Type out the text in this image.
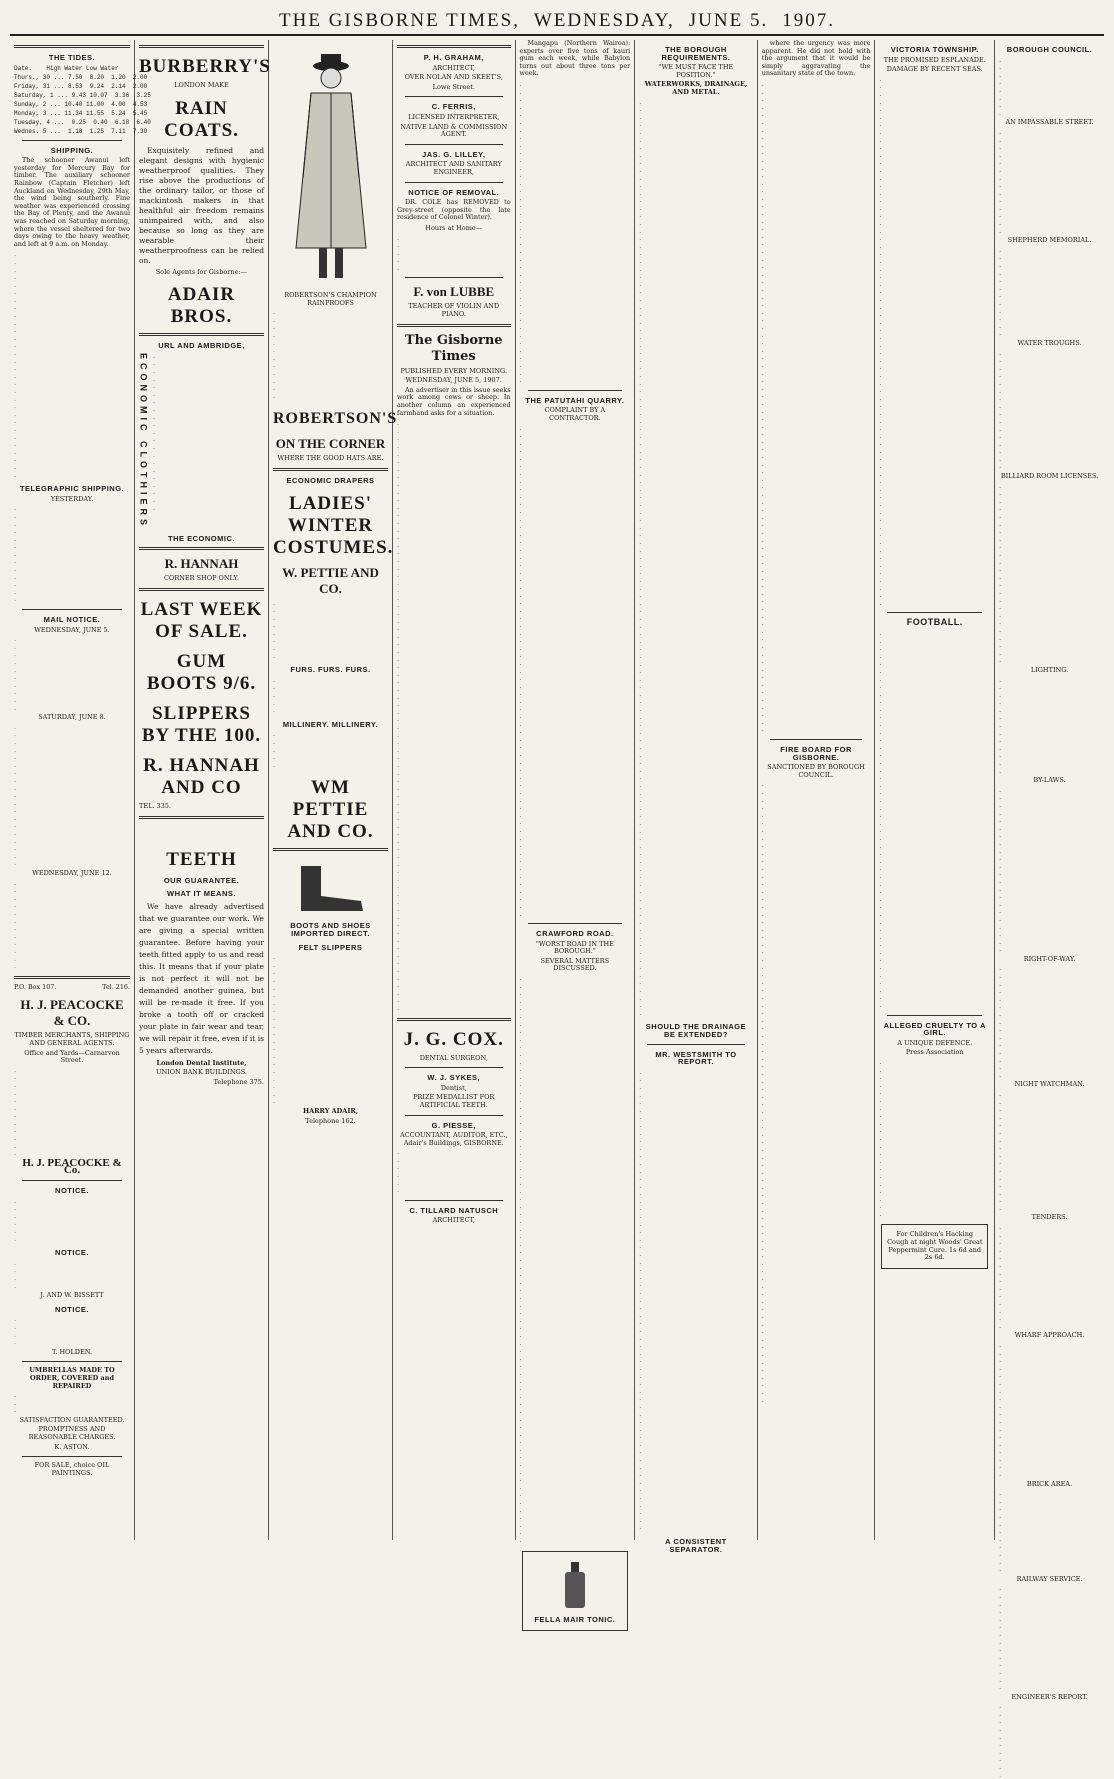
THE GISBORNE TIMES, WEDNESDAY, JUNE 5. 1907.
THE TIDES.
Date.    High Water Low Water
Thurs., 30 ... 7.50  8.20  1.20  2.00
Friday, 31 ... 8.53  9.24  2.14  2.00
Saturday, 1 ... 9.43 10.07  3.36  3.25
Sunday, 2 ... 10.40 11.00  4.00  4.53
Monday, 3 ... 11.34 11.55  5.24  5.45
Tuesday, 4 ...  0.25  0.40  6.18  6.40
Wednes. 5 ...  1.18  1.25  7.11  7.30
SHIPPING.

The schooner Awanui left yesterday for Mercury Bay for timber. The auxiliary schooner Rainbow (Captain Fletcher) left Auckland on Wednesday, 29th May, the wind being southerly. Fine weather was experienced crossing the Bay of Plenty, and the Awanui was reached on Saturday morning, where the vessel sheltered for two days owing to the heavy weather, and left at 9 a.m. on Monday.

.
.
.
.
.
.
.
.
.
.
.
.
.
.
.
.
.
.
.
.
.
.
.
.
.
.
.
.
.
.
TELEGRAPHIC SHIPPING.
YESTERDAY.
.
.
.
.
.
.
.
.
.
.
.
.
.
MAIL NOTICE.
WEDNESDAY, JUNE 5.
.
.
.
.
.
.
.
.
.
.
SATURDAY, JUNE 8.
.
.
.
.
.
.
.
.
.
.
.
.
.
.
.
.
.
.
.
WEDNESDAY, JUNE 12.
.
.
.
.
.
.
.
.
.
.
.
.
P.O. Box 107.	Tel. 216.
H. J. PEACOCKE & CO.
TIMBER MERCHANTS, SHIPPING AND GENERAL AGENTS.
Office and Yards—Carnarvon Street.
.
.
.
.
.
.
.
.
.
.
.
.
H. J. PEACOCKE & Co.
NOTICE.
.
.
.
.
.
.
NOTICE.
.
.
.
.
J. AND W. BISSETT
NOTICE.
.
.
.
.
T. HOLDEN.
UMBRELLAS MADE TO ORDER, COVERED and REPAIRED
.
.
.
SATISFACTION GUARANTEED.
PROMPTNESS AND REASONABLE CHARGES.
K. ASTON.
FOR SALE, choice OIL PAINTINGS.
BURBERRY'S
LONDON MAKE
RAIN COATS.

Exquisitely refined and elegant designs with hygienic weatherproof qualities. They rise above the productions of the ordinary tailor, or those of mackintosh makers in that healthful air freedom remains unimpaired with, and also because so long as they are wearable their weatherproofness can be relied on.

Sole Agents for Gisborne:—
ADAIR BROS.
URL AND AMBRIDGE,
ECONOMIC CLOTHIERS .
.
.
.
.
.
.
.
.
.
.
.
.
.
.
.
.
.
.
.
.
THE ECONOMIC.
R. HANNAH
CORNER SHOP ONLY.
LAST WEEK OF SALE.
GUM BOOTS 9/6.
SLIPPERS BY THE 100.
R. HANNAH AND CO
TEL. 335.
TEETH
OUR GUARANTEE.
WHAT IT MEANS.

We have already advertised that we guarantee our work. We are giving a special written guarantee. Before having your teeth fitted apply to us and read this. It means that if your plate is not perfect it will not be demanded another guinea, but will be re-made it free. If you broke a tooth off or cracked your plate in fair wear and tear, we will repair it free, even if it is 5 years afterwards.

London Dental Institute,
UNION BANK BUILDINGS.
Telephone 375.
ROBERTSON'S CHAMPION RAINPROOFS
.
.
.
.
.
.
.
.
.
.
.
.
ROBERTSON'S
ON THE CORNER
WHERE THE GOOD HATS ARE.
ECONOMIC DRAPERS
LADIES' WINTER COSTUMES.
W. PETTIE AND CO.
.
.
.
.
.
.
.
.
FURS. FURS. FURS.
.
.
.
.
.
MILLINERY. MILLINERY.
.
.
.
.
.
WM PETTIE AND CO.
BOOTS AND SHOES IMPORTED DIRECT.
FELT SLIPPERS
.
.
.
.
.
.
.
.
.
.
.
.
.
.
.
.
.
.
.
.
HARRY ADAIR,
Telephone 162.
P. H. GRAHAM,
ARCHITECT,
OVER NOLAN AND SKEET'S,
Lowe Street.
C. FERRIS,
LICENSED INTERPRETER,
NATIVE LAND & COMMISSION AGENT.
JAS. G. LILLEY,
ARCHITECT AND SANITARY ENGINEER,
NOTICE OF REMOVAL.

DR. COLE has REMOVED to Grey-street (opposite the late residence of Colonel Winter).

Hours at Home—
.
.
.
.
.
F. von LUBBE
TEACHER OF VIOLIN AND PIANO.
The Gisborne Times
PUBLISHED EVERY MORNING.
WEDNESDAY, JUNE 5, 1907.

An advertiser in this issue seeks work among cows or sheep. In another column an experienced farmhand asks for a situation.

.
.
.
.
.
.
.
.
.
.
.
.
.
.
.
.
.
.
.
.
.
.
.
.
.
.
.
.
.
.
.
.
.
.
.
.
.
.
.
.
.
.
.
.
.
.
.
.
.
.
.
.
.
.
.
.
.
.
.
.
.
.
.
.
.
.
.
.
.
.
.
.
.
.
.
.
.
.
J. G. COX.
DENTAL SURGEON,
W. J. SYKES,
Dentist,
PRIZE MEDALLIST FOR ARTIFICIAL TEETH.
G. PIESSE,
ACCOUNTANT, AUDITOR, ETC., Adair's Buildings, GISBORNE.
.
.
.
.
.
.
C. TILLARD NATUSCH
ARCHITECT,

Mangapu (Northern Wairoa): experts over five tons of kauri gum each week, while Babylon turns out about three tons per week.

.
.
.
.
.
.
.
.
.
.
.
.
.
.
.
.
.
.
.
.
.
.
.
.
.
.
.
.
.
.
.
.
.
.
.
.
.
.
.
.
THE PATUTAHI QUARRY.
COMPLAINT BY A CONTRACTOR.
.
.
.
.
.
.
.
.
.
.
.
.
.
.
.
.
.
.
.
.
.
.
.
.
.
.
.
.
.
.
.
.
.
.
.
.
.
.
.
.
.
.
.
.
.
.
.
.
.
.
.
.
.
.
.
.
.
.
.
.
.
.
.
.
.
CRAWFORD ROAD.
"WORST ROAD IN THE BOROUGH."
SEVERAL MATTERS DISCUSSED.
.
.
.
.
.
.
.
.
.
.
.
.
.
.
.
.
.
.
.
.
.
.
.
.
.
.
.
.
.
.
.
.
.
.
.
.
.
.
.
.
.
.
.
.
.
.
.
.
.
.
.
.
.
.
.
.
.
.
.
.
.
.
.
.
.
.
.
.
.
.
.
.
.
.
.
FELLA MAIR TONIC.
THE BOROUGH REQUIREMENTS.
"WE MUST FACE THE POSITION."
WATERWORKS, DRAINAGE, AND METAL.
.
.
.
.
.
.
.
.
.
.
.
.
.
.
.
.
.
.
.
.
.
.
.
.
.
.
.
.
.
.
.
.
.
.
.
.
.
.
.
.
.
.
.
.
.
.
.
.
.
.
.
.
.
.
.
.
.
.
.
.
.
.
.
.
.
.
.
.
.
.
.
.
.
.
.
.
.
.
.
.
.
.
.
.
.
.
.
.
.
.
.
.
.
.
.
.
.
.
.
.
.
.
.
.
.
.
.
.
.
.
.
.
.
.
.
.
.
.
.
.
.
SHOULD THE DRAINAGE BE EXTENDED?
MR. WESTSMITH TO REPORT.
.
.
.
.
.
.
.
.
.
.
.
.
.
.
.
.
.
.
.
.
.
.
.
.
.
.
.
.
.
.
.
.
.
.
.
.
.
.
.
.
.
.
.
.
.
.
.
.
.
.
.
.
.
.
.
.
.
.
.
.
.
A CONSISTENT SEPARATOR.

where the urgency was more apparent. He did not hold with the argument that it would be simply aggravating the unsanitary state of the town.

.
.
.
.
.
.
.
.
.
.
.
.
.
.
.
.
.
.
.
.
.
.
.
.
.
.
.
.
.
.
.
.
.
.
.
.
.
.
.
.
.
.
.
.
.
.
.
.
.
.
.
.
.
.
.
.
.
.
.
.
.
.
.
.
.
.
.
.
.
.
.
.
.
.
.
.
.
.
.
.
.
.
.
.
.
.
FIRE BOARD FOR GISBORNE.
SANCTIONED BY BOROUGH COUNCIL.
.
.
.
.
.
.
.
.
.
.
.
.
.
.
.
.
.
.
.
.
.
.
.
.
.
.
.
.
.
.
.
.
.
.
.
.
.
.
.
.
.
.
.
.
.
.
.
.
.
.
.
.
.
.
.
.
.
.
.
.
.
.
.
.
.
.
.
.
.
.
.
.
.
.
.
.
.
.
.
.
.
.
VICTORIA TOWNSHIP.
THE PROMISED ESPLANADE.
DAMAGE BY RECENT SEAS.
.
.
.
.
.
.
.
.
.
.
.
.
.
.
.
.
.
.
.
.
.
.
.
.
.
.
.
.
.
.
.
.
.
.
.
.
.
.
.
.
.
.
.
.
.
.
.
.
.
.
.
.
.
.
.
.
.
.
.
.
.
.
.
.
.
.
.
.
.
.
FOOTBALL.
.
.
.
.
.
.
.
.
.
.
.
.
.
.
.
.
.
.
.
.
.
.
.
.
.
.
.
.
.
.
.
.
.
.
.
.
.
.
.
.
.
.
.
.
.
.
.
.
.
.
ALLEGED CRUELTY TO A GIRL.
A UNIQUE DEFENCE.
Press Association
.
.
.
.
.
.
.
.
.
.
.
.
.
.
.
.
.
.
.
.
.
For Children's Hacking Cough at night Woods' Great Peppermint Cure. 1s 6d and 2s 6d.
BOROUGH COUNCIL.
.
.
.
.
.
.
.
.
AN IMPASSABLE STREET.
.
.
.
.
.
.
.
.
.
.
.
.
.
.
SHEPHERD MEMORIAL.
.
.
.
.
.
.
.
.
.
.
.
.
WATER TROUGHS.
.
.
.
.
.
.
.
.
.
.
.
.
.
.
.
.
BILLIARD ROOM LICENSES.
.
.
.
.
.
.
.
.
.
.
.
.
.
.
.
.
.
.
.
.
.
.
.
.
LIGHTING.
.
.
.
.
.
.
.
.
.
.
.
.
.
BY-LAWS.
.
.
.
.
.
.
.
.
.
.
.
.
.
.
.
.
.
.
.
.
.
.
RIGHT-OF-WAY.
.
.
.
.
.
.
.
.
.
.
.
.
.
.
.
NIGHT WATCHMAN.
.
.
.
.
.
.
.
.
.
.
.
.
.
.
.
.
TENDERS.
.
.
.
.
.
.
.
.
.
.
.
.
.
.
WHARF APPROACH.
.
.
.
.
.
.
.
.
.
.
.
.
.
.
.
.
.
.
BRICK AREA.
.
.
.
.
.
.
.
.
.
.
.
RAILWAY SERVICE.
.
.
.
.
.
.
.
.
.
.
.
.
.
.
ENGINEER'S REPORT.
.
.
.
.
.
.
.
.
.
.
